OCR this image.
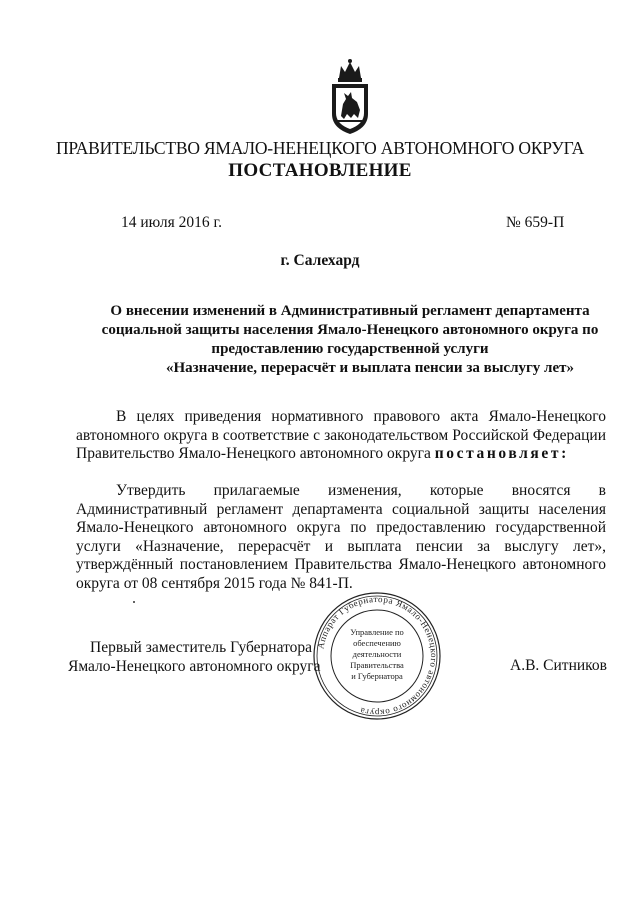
ПРАВИТЕЛЬСТВО ЯМАЛО-НЕНЕЦКОГО АВТОНОМНОГО ОКРУГА
ПОСТАНОВЛЕНИЕ
14 июля 2016 г.	№ 659-П
г. Салехард
О внесении изменений в Административный регламент департамента
социальной защиты населения Ямало-Ненецкого автономного округа по
предоставлению государственной услуги
«Назначение, перерасчёт и выплата пенсии за выслугу лет»
В целях приведения нормативного правового акта Ямало-Ненецкого автономного округа в соответствие с законодательством Российской Федерации Правительство Ямало-Ненецкого автономного округа постановляет:
Утвердить прилагаемые изменения, которые вносятся в Административный регламент департамента социальной защиты населения Ямало-Ненецкого автономного округа по предоставлению государственной услуги «Назначение, перерасчёт и выплата пенсии за выслугу лет», утверждённый постановлением Правительства Ямало-Ненецкого автономного округа от 08 сентября 2015 года № 841-П.
Первый заместитель Губернатора
Ямало-Ненецкого автономного округа	А.В. Ситников
Аппарат Губернатора Ямало-Ненецкого автономного округа
Управление по
обеспечению
деятельности
Правительства
и Губернатора
